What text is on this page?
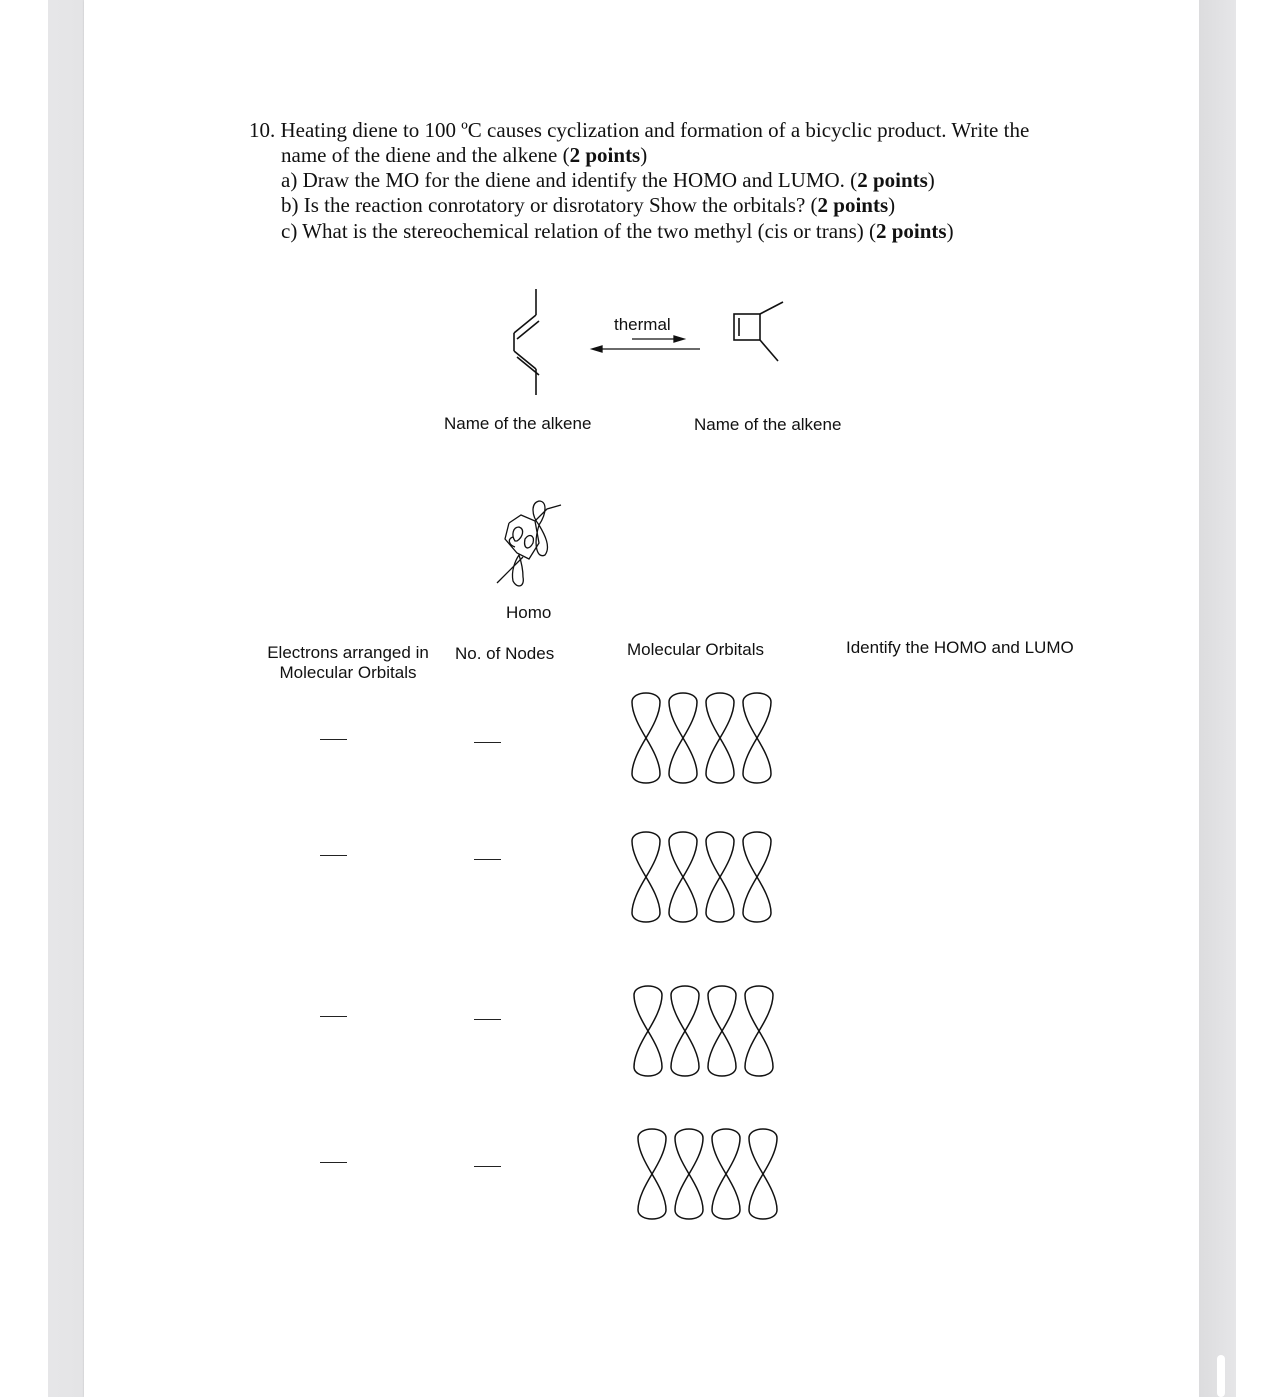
10. Heating diene to 100 ºC causes cyclization and formation of a bicyclic product. Write the
name of the diene and the alkene (2 points)
a) Draw the MO for the diene and identify the HOMO and LUMO. (2 points)
b) Is the reaction conrotatory or disrotatory Show the orbitals? (2 points)
c) What is the stereochemical relation of the two methyl (cis or trans) (2 points)
thermal
Name of the alkene	Name of the alkene
Homo
Electrons arranged in
Molecular Orbitals
No. of Nodes	Molecular Orbitals	Identify the HOMO and LUMO
